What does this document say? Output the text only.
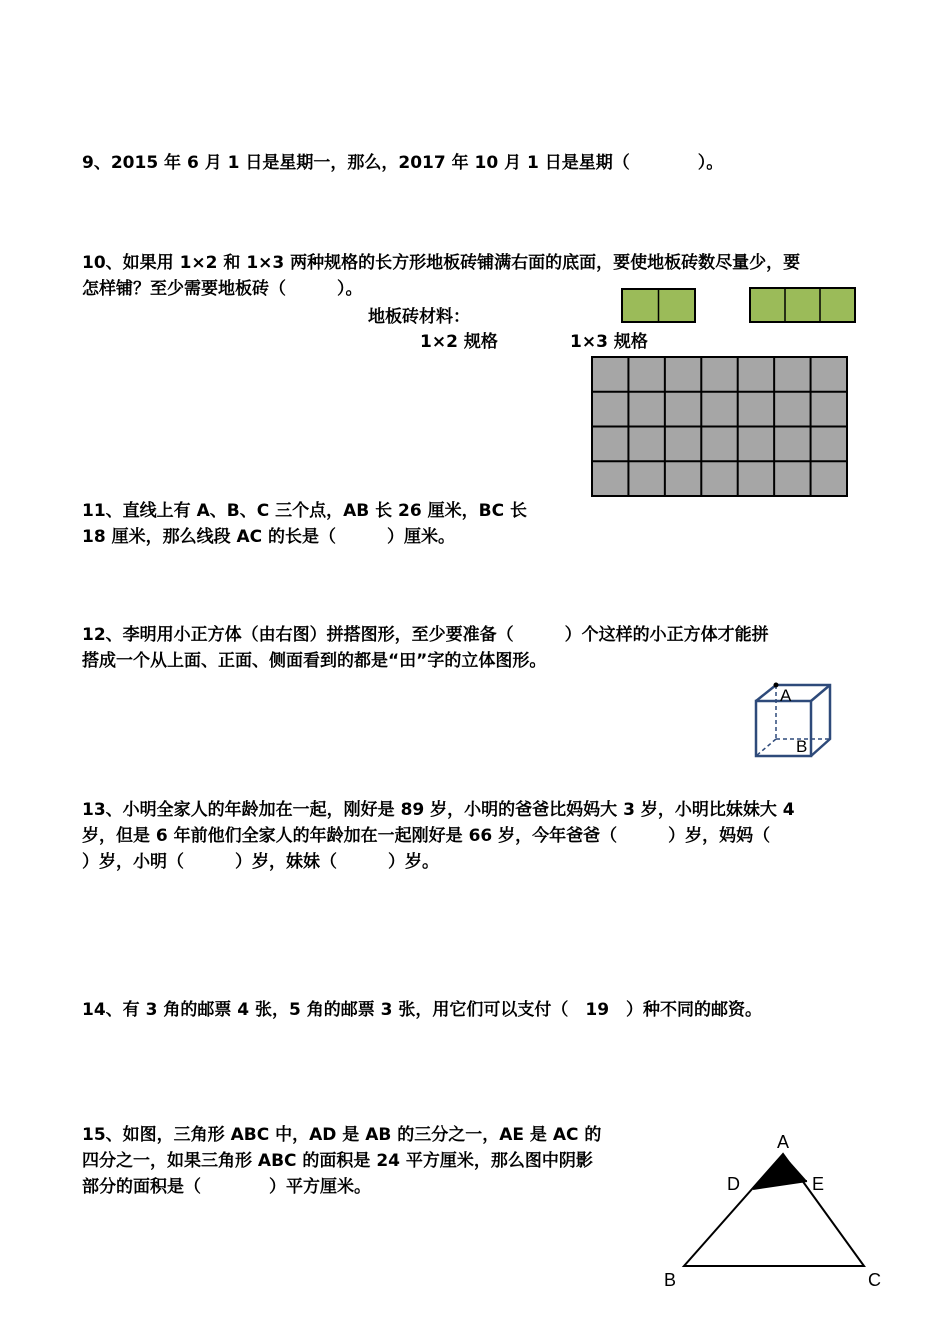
9、2015 年 6 月 1 日是星期一，那么，2017 年 10 月 1 日是星期（　　　　）。
10、如果用 1×2 和 1×3 两种规格的长方形地板砖铺满右面的底面，要使地板砖数尽量少，要
怎样铺？至少需要地板砖（　　　）。
地板砖材料：
1×2 规格	1×3 规格
11、直线上有 A、B、C 三个点，AB 长 26 厘米，BC 长
18 厘米，那么线段 AC 的长是（　　　）厘米。
12、李明用小正方体（由右图）拼搭图形，至少要准备（　　　）个这样的小正方体才能拼
搭成一个从上面、正面、侧面看到的都是“田”字的立体图形。
A
B
13、小明全家人的年龄加在一起，刚好是 89 岁，小明的爸爸比妈妈大 3 岁，小明比妹妹大 4
岁，但是 6 年前他们全家人的年龄加在一起刚好是 66 岁，今年爸爸（　　　）岁，妈妈（
）岁，小明（　　　）岁，妹妹（　　　）岁。
14、有 3 角的邮票 4 张，5 角的邮票 3 张，用它们可以支付（　19　）种不同的邮资。
15、如图，三角形 ABC 中，AD 是 AB 的三分之一，AE 是 AC 的
四分之一，如果三角形 ABC 的面积是 24 平方厘米，那么图中阴影
部分的面积是（　　　　）平方厘米。
A
D	E
B	C
